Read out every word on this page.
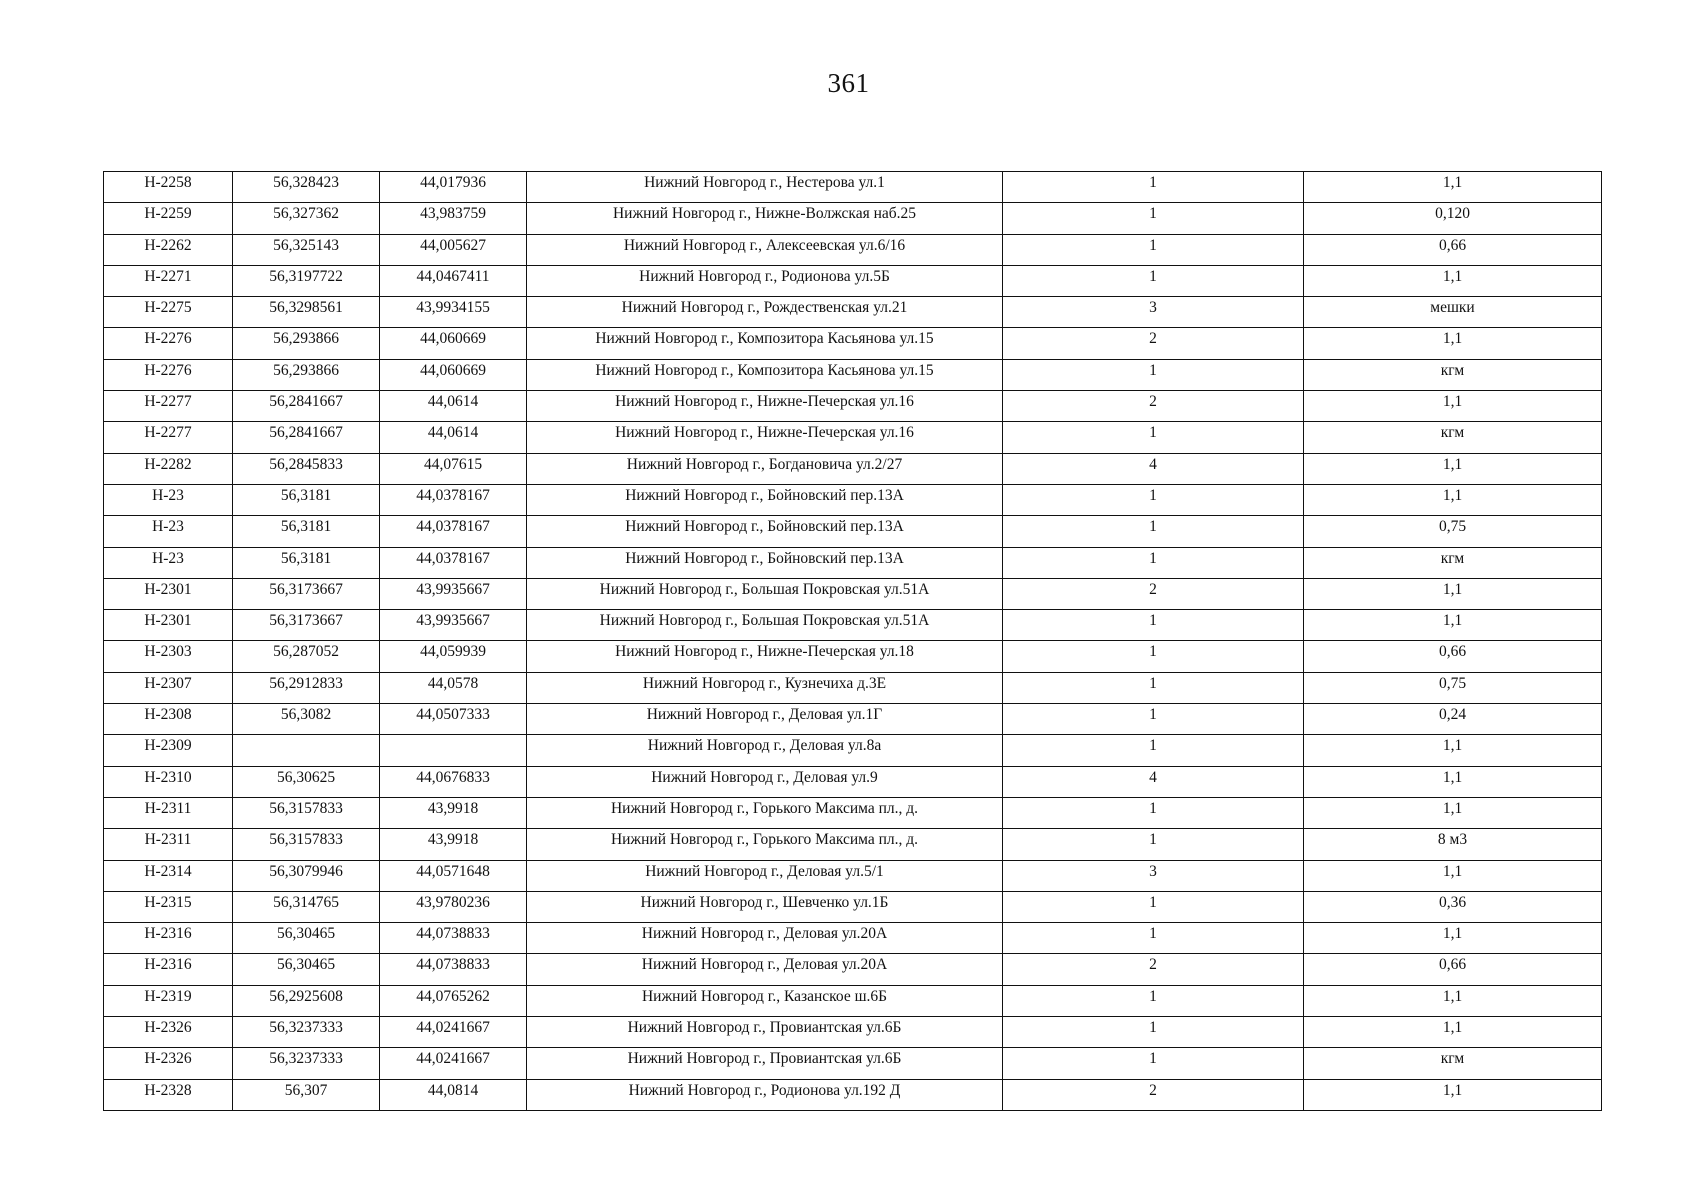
361
Н-2258	56,328423	44,017936	Нижний Новгород г., Нестерова ул.1	1	1,1
Н-2259	56,327362	43,983759	Нижний Новгород г., Нижне-Волжская наб.25	1	0,120
Н-2262	56,325143	44,005627	Нижний Новгород г., Алексеевская ул.6/16	1	0,66
Н-2271	56,3197722	44,0467411	Нижний Новгород г., Родионова ул.5Б	1	1,1
Н-2275	56,3298561	43,9934155	Нижний Новгород г., Рождественская ул.21	3	мешки
Н-2276	56,293866	44,060669	Нижний Новгород г., Композитора Касьянова ул.15	2	1,1
Н-2276	56,293866	44,060669	Нижний Новгород г., Композитора Касьянова ул.15	1	кгм
Н-2277	56,2841667	44,0614	Нижний Новгород г., Нижне-Печерская ул.16	2	1,1
Н-2277	56,2841667	44,0614	Нижний Новгород г., Нижне-Печерская ул.16	1	кгм
Н-2282	56,2845833	44,07615	Нижний Новгород г., Богдановича ул.2/27	4	1,1
Н-23	56,3181	44,0378167	Нижний Новгород г., Бойновский пер.13А	1	1,1
Н-23	56,3181	44,0378167	Нижний Новгород г., Бойновский пер.13А	1	0,75
Н-23	56,3181	44,0378167	Нижний Новгород г., Бойновский пер.13А	1	кгм
Н-2301	56,3173667	43,9935667	Нижний Новгород г., Большая Покровская ул.51А	2	1,1
Н-2301	56,3173667	43,9935667	Нижний Новгород г., Большая Покровская ул.51А	1	1,1
Н-2303	56,287052	44,059939	Нижний Новгород г., Нижне-Печерская ул.18	1	0,66
Н-2307	56,2912833	44,0578	Нижний Новгород г., Кузнечиха д.3Е	1	0,75
Н-2308	56,3082	44,0507333	Нижний Новгород г., Деловая ул.1Г	1	0,24
Н-2309			Нижний Новгород г., Деловая ул.8а	1	1,1
Н-2310	56,30625	44,0676833	Нижний Новгород г., Деловая ул.9	4	1,1
Н-2311	56,3157833	43,9918	Нижний Новгород г., Горького Максима пл., д.	1	1,1
Н-2311	56,3157833	43,9918	Нижний Новгород г., Горького Максима пл., д.	1	8 м3
Н-2314	56,3079946	44,0571648	Нижний Новгород г., Деловая ул.5/1	3	1,1
Н-2315	56,314765	43,9780236	Нижний Новгород г., Шевченко ул.1Б	1	0,36
Н-2316	56,30465	44,0738833	Нижний Новгород г., Деловая ул.20А	1	1,1
Н-2316	56,30465	44,0738833	Нижний Новгород г., Деловая ул.20А	2	0,66
Н-2319	56,2925608	44,0765262	Нижний Новгород г., Казанское ш.6Б	1	1,1
Н-2326	56,3237333	44,0241667	Нижний Новгород г., Провиантская ул.6Б	1	1,1
Н-2326	56,3237333	44,0241667	Нижний Новгород г., Провиантская ул.6Б	1	кгм
Н-2328	56,307	44,0814	Нижний Новгород г., Родионова ул.192 Д	2	1,1
